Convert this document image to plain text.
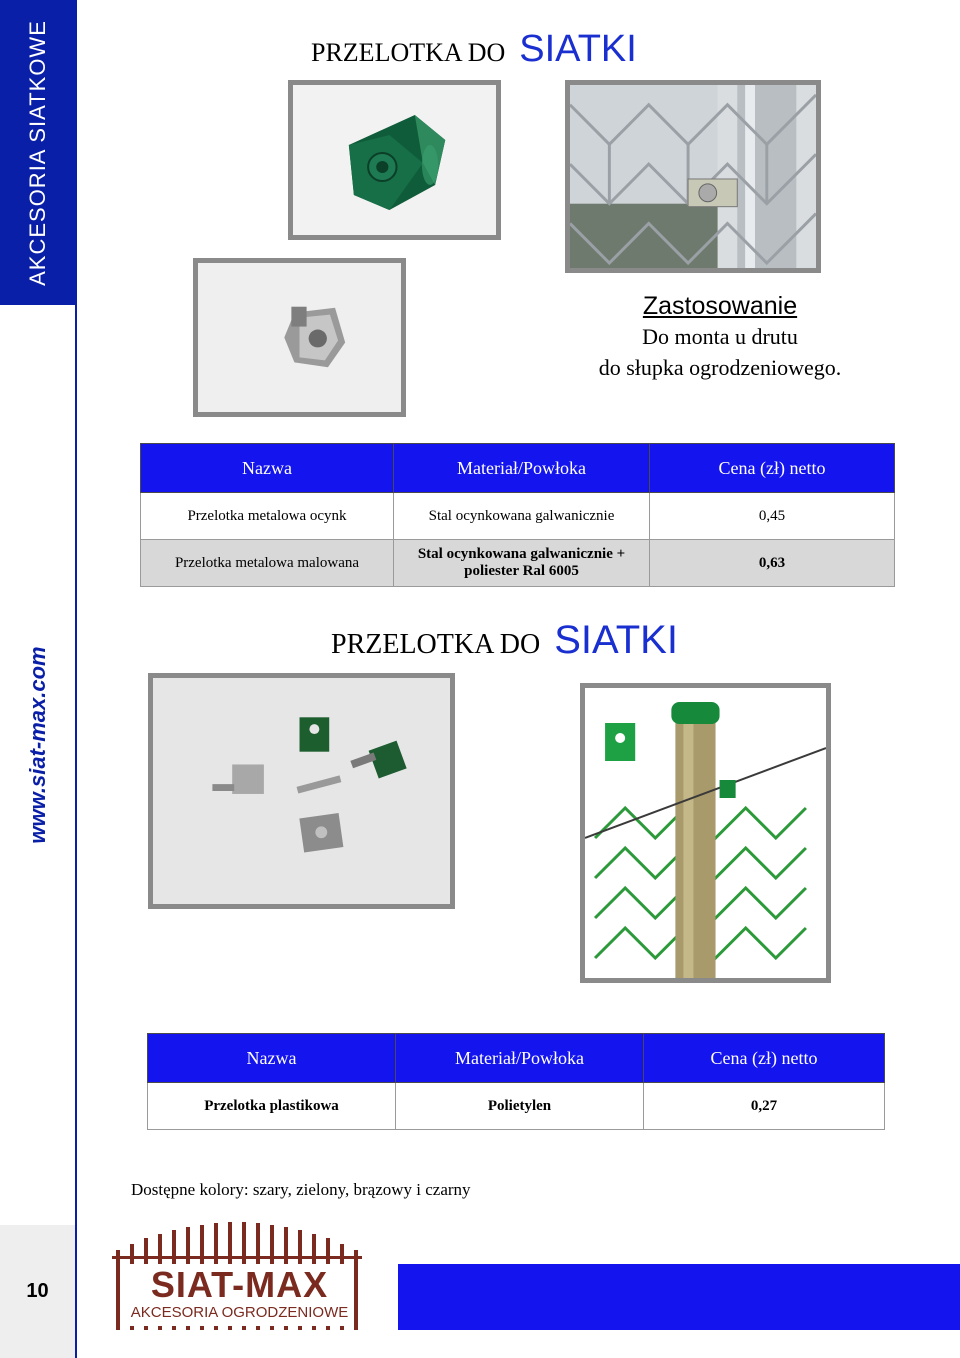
AKCESORIA SIATKOWE
www.siat-max.com
10
PRZELOTKA DO SIATKI
Zastosowanie
Do monta u drutu
do słupka ogrodzeniowego.
Nazwa	Materiał/Powłoka	Cena (zł) netto
Przelotka metalowa ocynk	Stal ocynkowana galwanicznie	0,45
Przelotka metalowa malowana	Stal ocynkowana galwanicznie +
poliester Ral 6005	0,63
PRZELOTKA DO SIATKI
Nazwa	Materiał/Powłoka	Cena (zł) netto
Przelotka plastikowa	Polietylen	0,27
Dostępne kolory: szary, zielony, brązowy i czarny
SIAT-MAX
AKCESORIA OGRODZENIOWE
